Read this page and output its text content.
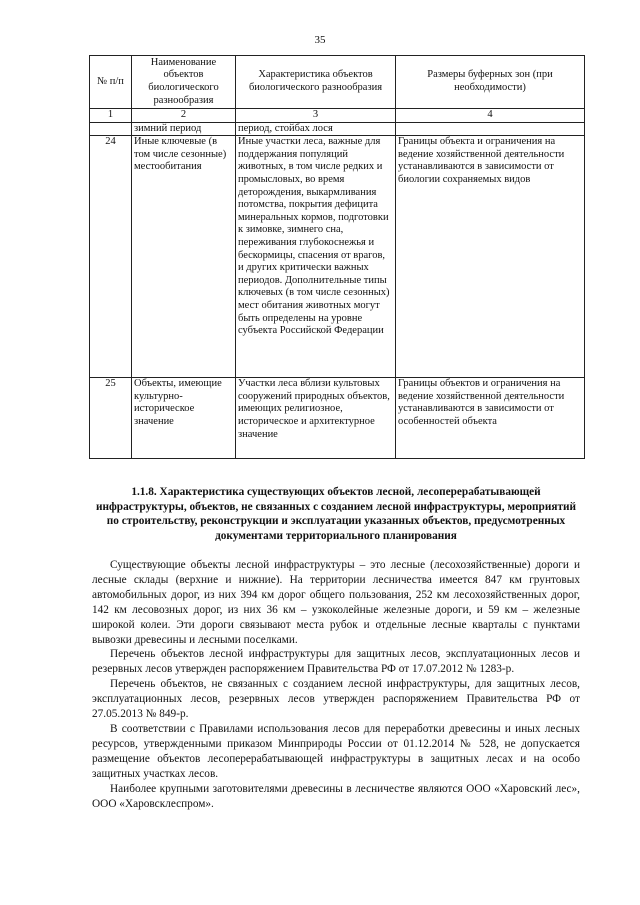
35
№ п/п	Наименование объектов биологического разнообразия	Характеристика объектов биологического разнообразия	Размеры буферных зон (при необходимости)
1	2	3	4
	зимний период	период, стойбах лося	
24	Иные ключевые (в том числе сезонные) местообитания	Иные участки леса, важные для поддержания популяций животных, в том числе редких и промысловых, во время деторождения, выкармливания потомства, покрытия дефицита минеральных кормов, подготовки к зимовке, зимнего сна, переживания глубокоснежья и бескормицы, спасения от врагов, и других критически важных периодов. Дополнительные типы ключевых (в том числе сезонных) мест обитания животных могут быть определены на уровне субъекта Российской Федерации	Границы объекта и ограничения на ведение хозяйственной деятельности устанавливаются в зависимости от биологии сохраняемых видов
25	Объекты, имеющие культурно-историческое значение	Участки леса вблизи культовых сооружений природных объектов, имеющих религиозное, историческое и архитектурное значение	Границы объектов и ограничения на ведение хозяйственной деятельности устанавливаются в зависимости от особенностей объекта
1.1.8. Характеристика существующих объектов лесной, лесоперерабатывающей инфраструктуры, объектов, не связанных с созданием лесной инфраструктуры, мероприятий по строительству, реконструкции и эксплуатации указанных объектов, предусмотренных документами территориального планирования

Существующие объекты лесной инфраструктуры – это лесные (лесохозяйственные) дороги и лесные склады (верхние и нижние). На территории лесничества имеется 847 км грунтовых автомобильных дорог, из них 394 км дорог общего пользования, 252 км лесохозяйственных дорог, 142 км лесовозных дорог, из них 36 км – узкоколейные железные дороги, и 59 км – железные широкой колеи. Эти дороги связывают места рубок и отдельные лесные кварталы с пунктами вывозки древесины и лесными поселками.

Перечень объектов лесной инфраструктуры для защитных лесов, эксплуатационных лесов и резервных лесов утвержден распоряжением Правительства РФ от 17.07.2012 № 1283-р.

Перечень объектов, не связанных с созданием лесной инфраструктуры, для защитных лесов, эксплуатационных лесов, резервных лесов утвержден распоряжением Правительства РФ от 27.05.2013 № 849-р.

В соответствии с Правилами использования лесов для переработки древесины и иных лесных ресурсов, утвержденными приказом Минприроды России от 01.12.2014 № 528, не допускается размещение объектов лесоперерабатывающей инфраструктуры в защитных лесах и на особо защитных участках лесов.

Наиболее крупными заготовителями древесины в лесничестве являются ООО «Харовский лес», ООО «Харовсклеспром».
